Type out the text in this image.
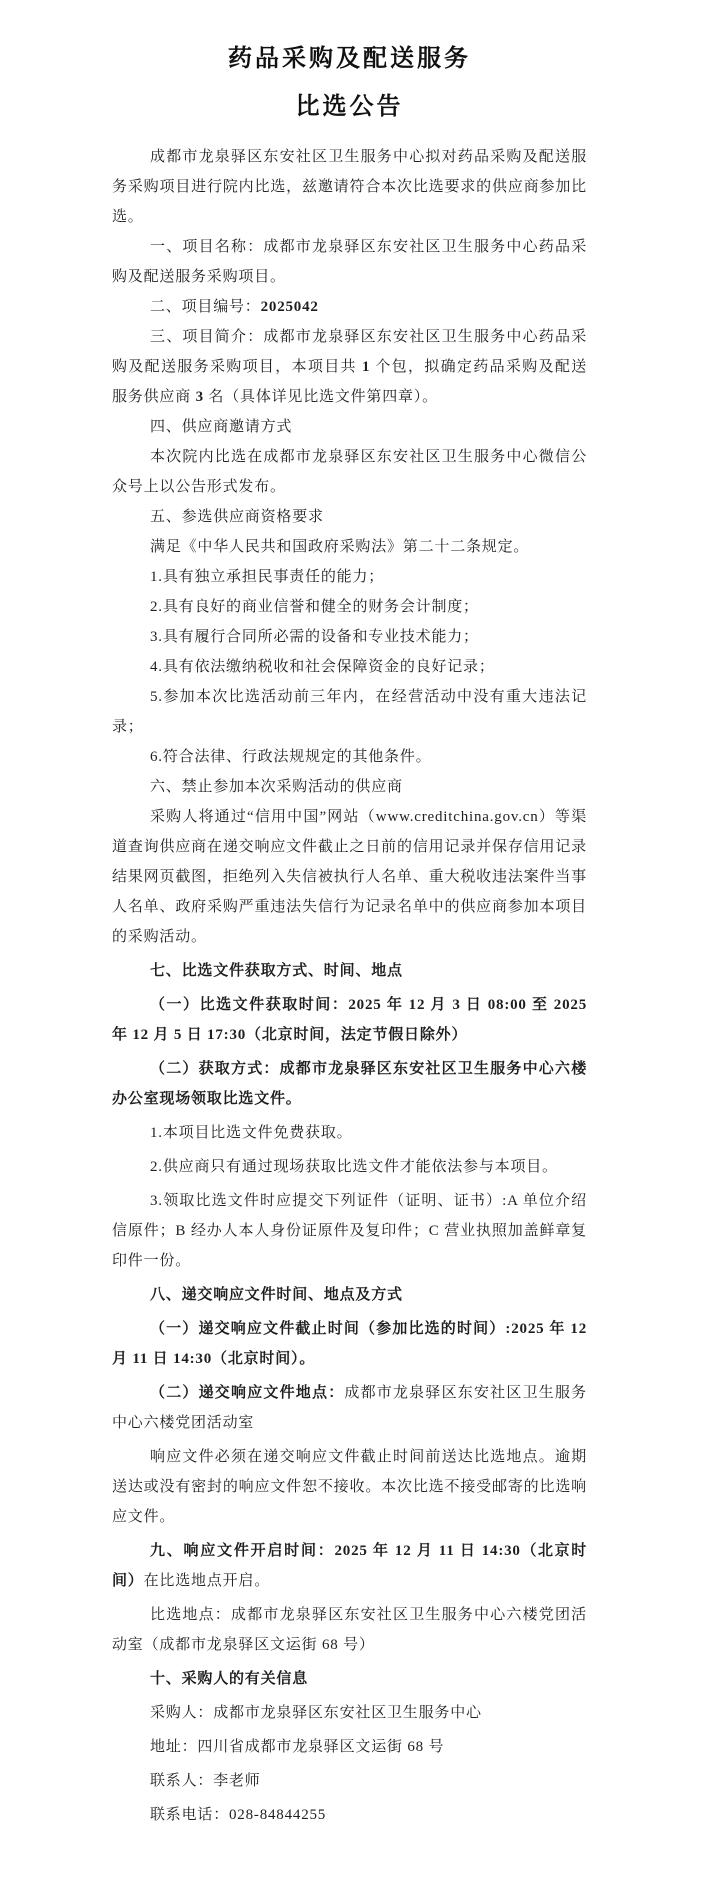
药品采购及配送服务
比选公告

成都市龙泉驿区东安社区卫生服务中心拟对药品采购及配送服务采购项目进行院内比选，兹邀请符合本次比选要求的供应商参加比选。

一、项目名称：成都市龙泉驿区东安社区卫生服务中心药品采购及配送服务采购项目。

二、项目编号：2025042

三、项目简介：成都市龙泉驿区东安社区卫生服务中心药品采购及配送服务采购项目，本项目共 1 个包，拟确定药品采购及配送服务供应商 3 名（具体详见比选文件第四章）。

四、供应商邀请方式

本次院内比选在成都市龙泉驿区东安社区卫生服务中心微信公众号上以公告形式发布。

五、参选供应商资格要求

满足《中华人民共和国政府采购法》第二十二条规定。

1.具有独立承担民事责任的能力；

2.具有良好的商业信誉和健全的财务会计制度；

3.具有履行合同所必需的设备和专业技术能力；

4.具有依法缴纳税收和社会保障资金的良好记录；

5.参加本次比选活动前三年内，在经营活动中没有重大违法记录；

6.符合法律、行政法规规定的其他条件。

六、禁止参加本次采购活动的供应商

采购人将通过“信用中国”网站（www.creditchina.gov.cn）等渠道查询供应商在递交响应文件截止之日前的信用记录并保存信用记录结果网页截图，拒绝列入失信被执行人名单、重大税收违法案件当事人名单、政府采购严重违法失信行为记录名单中的供应商参加本项目的采购活动。

七、比选文件获取方式、时间、地点

（一）比选文件获取时间：2025 年 12 月 3 日 08:00 至 2025 年 12 月 5 日 17:30（北京时间，法定节假日除外）

（二）获取方式：成都市龙泉驿区东安社区卫生服务中心六楼办公室现场领取比选文件。

1.本项目比选文件免费获取。

2.供应商只有通过现场获取比选文件才能依法参与本项目。

3.领取比选文件时应提交下列证件（证明、证书）:A 单位介绍信原件；B 经办人本人身份证原件及复印件；C 营业执照加盖鲜章复印件一份。

八、递交响应文件时间、地点及方式

（一）递交响应文件截止时间（参加比选的时间）:2025 年 12 月 11 日 14:30（北京时间）。

（二）递交响应文件地点：成都市龙泉驿区东安社区卫生服务中心六楼党团活动室

响应文件必须在递交响应文件截止时间前送达比选地点。逾期送达或没有密封的响应文件恕不接收。本次比选不接受邮寄的比选响应文件。

九、响应文件开启时间：2025 年 12 月 11 日 14:30（北京时间）在比选地点开启。

比选地点：成都市龙泉驿区东安社区卫生服务中心六楼党团活动室（成都市龙泉驿区文运街 68 号）

十、采购人的有关信息

采购人：成都市龙泉驿区东安社区卫生服务中心

地址：四川省成都市龙泉驿区文运街 68 号

联系人：李老师

联系电话：028-84844255
